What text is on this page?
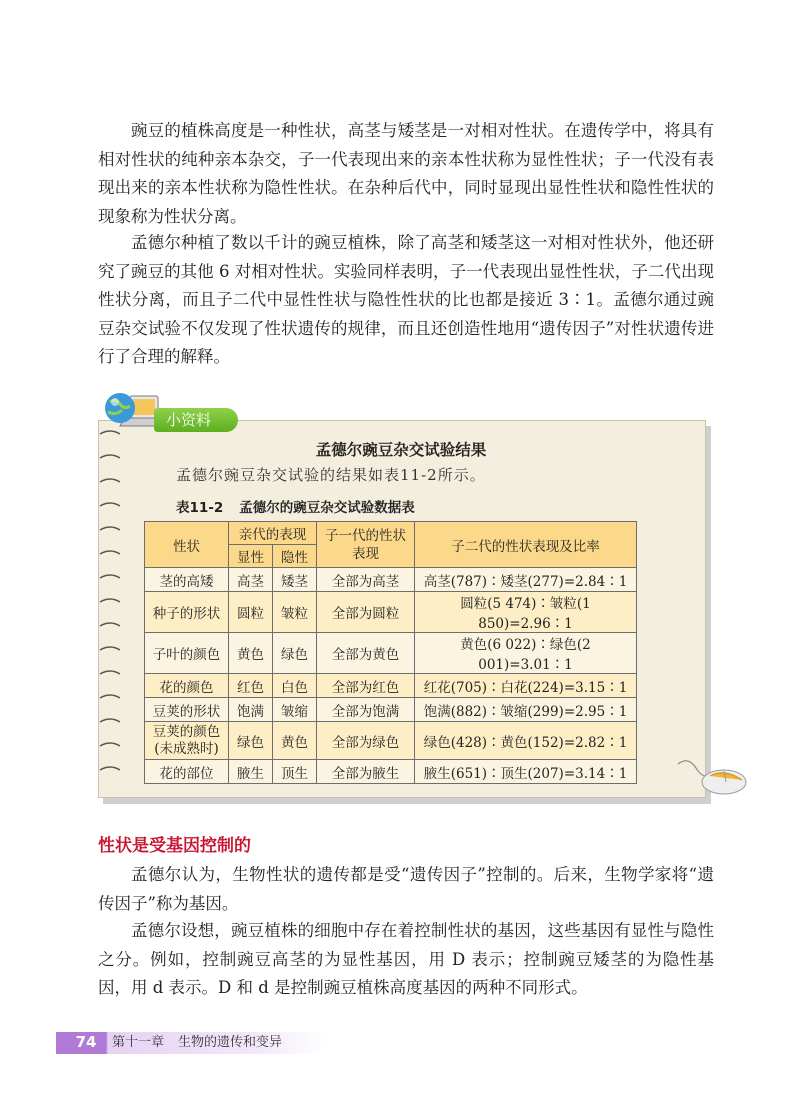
豌豆的植株高度是一种性状，高茎与矮茎是一对相对性状。在遗传学中，将具有相对性状的纯种亲本杂交，子一代表现出来的亲本性状称为显性性状；子一代没有表现出来的亲本性状称为隐性性状。在杂种后代中，同时显现出显性性状和隐性性状的现象称为性状分离。

孟德尔种植了数以千计的豌豆植株，除了高茎和矮茎这一对相对性状外，他还研究了豌豆的其他 6 对相对性状。实验同样表明，子一代表现出显性性状，子二代出现性状分离，而且子二代中显性性状与隐性性状的比也都是接近 3∶1。孟德尔通过豌豆杂交试验不仅发现了性状遗传的规律，而且还创造性地用“遗传因子”对性状遗传进行了合理的解释。

小资料
孟德尔豌豆杂交试验结果
孟德尔豌豆杂交试验的结果如表11-2所示。
表11-2 孟德尔的豌豆杂交试验数据表
性状	亲代的表现		子一代的性状表现	子二代的性状表现及比率
	显性	隐性		
茎的高矮	高茎	矮茎	全部为高茎	高茎(787)∶矮茎(277)=2.84∶1
种子的形状	圆粒	皱粒	全部为圆粒	圆粒(5 474)∶皱粒(1 850)=2.96∶1
子叶的颜色	黄色	绿色	全部为黄色	黄色(6 022)∶绿色(2 001)=3.01∶1
花的颜色	红色	白色	全部为红色	红花(705)∶白花(224)=3.15∶1
豆荚的形状	饱满	皱缩	全部为饱满	饱满(882)∶皱缩(299)=2.95∶1
豆荚的颜色(未成熟时)	绿色	黄色	全部为绿色	绿色(428)∶黄色(152)=2.82∶1
花的部位	腋生	顶生	全部为腋生	腋生(651)∶顶生(207)=3.14∶1
性状是受基因控制的

孟德尔认为，生物性状的遗传都是受“遗传因子”控制的。后来，生物学家将“遗传因子”称为基因。

孟德尔设想，豌豆植株的细胞中存在着控制性状的基因，这些基因有显性与隐性之分。例如，控制豌豆高茎的为显性基因，用 D 表示；控制豌豆矮茎的为隐性基因，用 d 表示。D 和 d 是控制豌豆植株高度基因的两种不同形式。

74	第十一章 生物的遗传和变异
